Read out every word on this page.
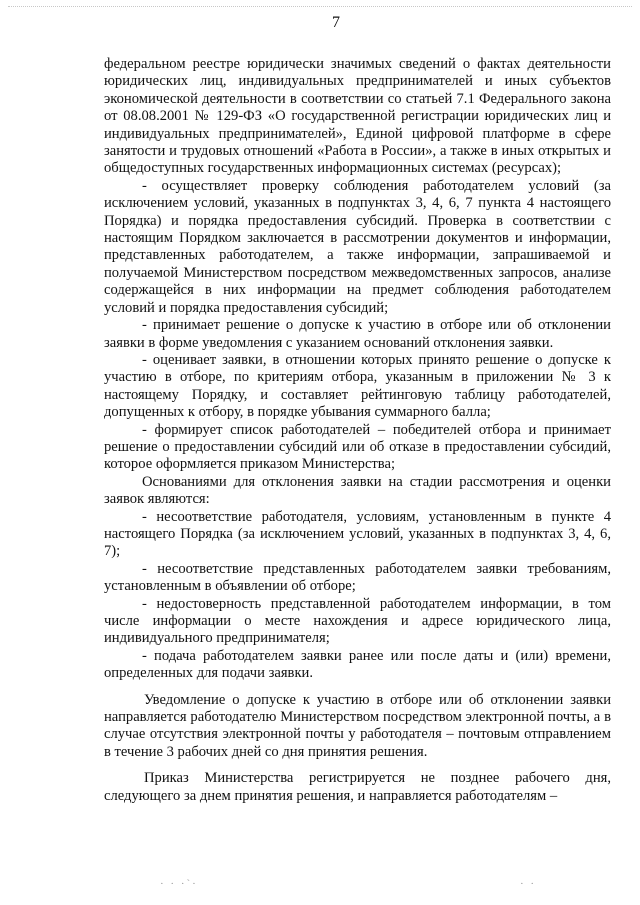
7

федеральном реестре юридически значимых сведений о фактах деятельности юридических лиц, индивидуальных предпринимателей и иных субъектов экономической деятельности в соответствии со статьей 7.1 Федерального закона от 08.08.2001 № 129-ФЗ «О государственной регистрации юридических лиц и индивидуальных предпринимателей», Единой цифровой платформе в сфере занятости и трудовых отношений «Работа в России», а также в иных открытых и общедоступных государственных информационных системах (ресурсах);

- осуществляет проверку соблюдения работодателем условий (за исключением условий, указанных в подпунктах 3, 4, 6, 7 пункта 4 настоящего Порядка) и порядка предоставления субсидий. Проверка в соответствии с настоящим Порядком заключается в рассмотрении документов и информации, представленных работодателем, а также информации, запрашиваемой и получаемой Министерством посредством межведомственных запросов, анализе содержащейся в них информации на предмет соблюдения работодателем условий и порядка предоставления субсидий;

- принимает решение о допуске к участию в отборе или об отклонении заявки в форме уведомления с указанием оснований отклонения заявки.

- оценивает заявки, в отношении которых принято решение о допуске к участию в отборе, по критериям отбора, указанным в приложении № 3 к настоящему Порядку, и составляет рейтинговую таблицу работодателей, допущенных к отбору, в порядке убывания суммарного балла;

- формирует список работодателей – победителей отбора и принимает решение о предоставлении субсидий или об отказе в предоставлении субсидий, которое оформляется приказом Министерства;

Основаниями для отклонения заявки на стадии рассмотрения и оценки заявок являются:

- несоответствие работодателя, условиям, установленным в пункте 4 настоящего Порядка (за исключением условий, указанных в подпунктах 3, 4, 6, 7);

- несоответствие представленных работодателем заявки требованиям, установленным в объявлении об отборе;

- недостоверность представленной работодателем информации, в том числе информации о месте нахождения и адресе юридического лица, индивидуального предпринимателя;

- подача работодателем заявки ранее или после даты и (или) времени, определенных для подачи заявки.

Уведомление о допуске к участию в отборе или об отклонении заявки направляется работодателю Министерством посредством электронной почты, а в случае отсутствия электронной почты у работодателя – почтовым отправлением в течение 3 рабочих дней со дня принятия решения.

Приказ Министерства регистрируется не позднее рабочего дня, следующего за днем принятия решения, и направляется работодателям –

· · ·`·	· ·
